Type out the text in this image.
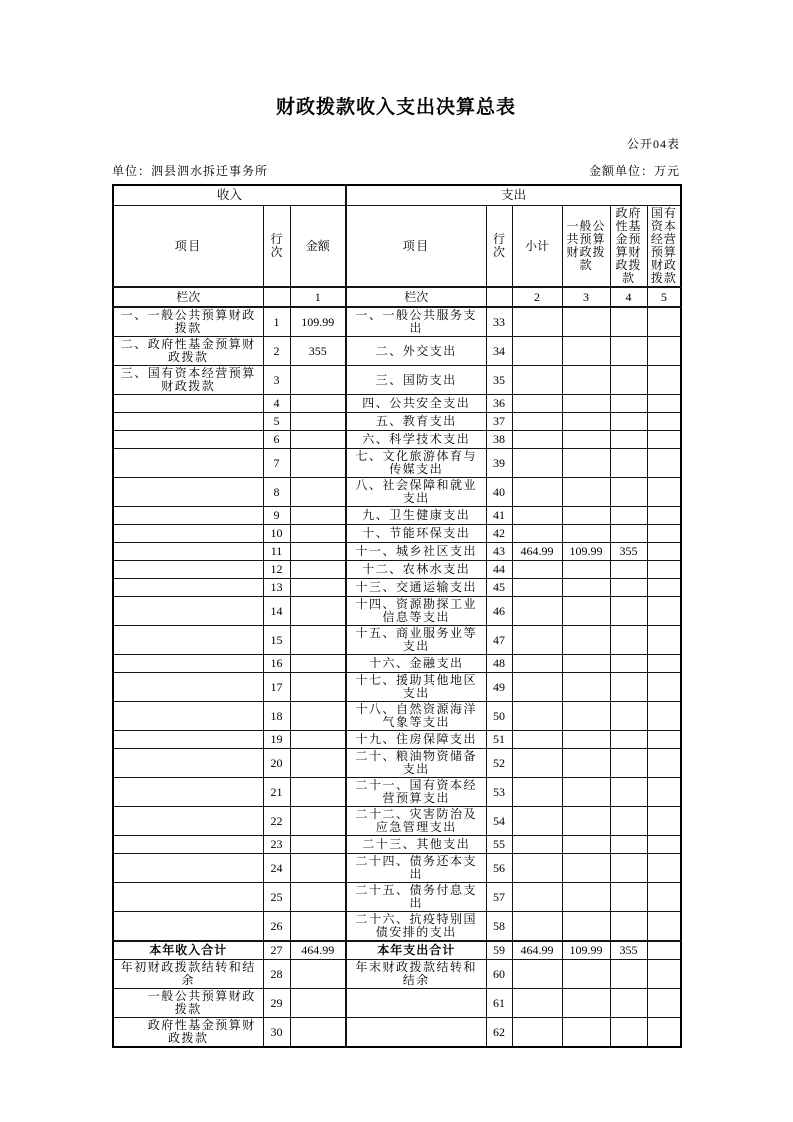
财政拨款收入支出决算总表
公开04表
单位：泗县泗水拆迁事务所	金额单位：万元
收入			支出					
项目	行次	金额	项目	行次	小计	一般公共预算财政拨款	政府性基金预算财政拨款	国有资本经营预算财政拨款
栏次		1	栏次		2	3	4	5
一、一般公共预算财政拨款	1	109.99	一、一般公共服务支出	33				
二、政府性基金预算财政拨款	2	355	二、外交支出	34				
三、国有资本经营预算财政拨款	3		三、国防支出	35				
	4		四、公共安全支出	36				
	5		五、教育支出	37				
	6		六、科学技术支出	38				
	7		七、文化旅游体育与传媒支出	39				
	8		八、社会保障和就业支出	40				
	9		九、卫生健康支出	41				
	10		十、节能环保支出	42				
	11		十一、城乡社区支出	43	464.99	109.99	355	
	12		十二、农林水支出	44				
	13		十三、交通运输支出	45				
	14		十四、资源勘探工业信息等支出	46				
	15		十五、商业服务业等支出	47				
	16		十六、金融支出	48				
	17		十七、援助其他地区支出	49				
	18		十八、自然资源海洋气象等支出	50				
	19		十九、住房保障支出	51				
	20		二十、粮油物资储备支出	52				
	21		二十一、国有资本经营预算支出	53				
	22		二十二、灾害防治及应急管理支出	54				
	23		二十三、其他支出	55				
	24		二十四、债务还本支出	56				
	25		二十五、债务付息支出	57				
	26		二十六、抗疫特别国债安排的支出	58				
本年收入合计	27	464.99	本年支出合计	59	464.99	109.99	355	
年初财政拨款结转和结余	28		年末财政拨款结转和结余	60				
　　一般公共预算财政拨款	29			61				
　　政府性基金预算财政拨款	30			62				
